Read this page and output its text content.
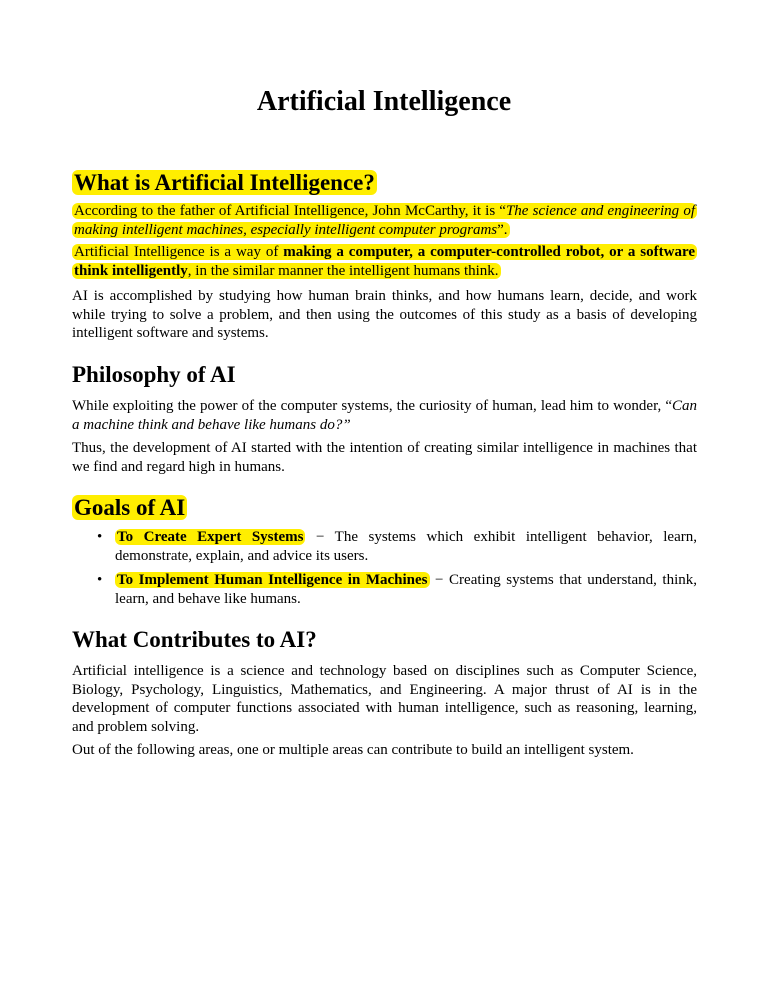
Artificial Intelligence
What is Artificial Intelligence?

According to the father of Artificial Intelligence, John McCarthy, it is “The science and engineering of making intelligent machines, especially intelligent computer programs”.

Artificial Intelligence is a way of making a computer, a computer-controlled robot, or a software think intelligently, in the similar manner the intelligent humans think.

AI is accomplished by studying how human brain thinks, and how humans learn, decide, and work while trying to solve a problem, and then using the outcomes of this study as a basis of developing intelligent software and systems.

Philosophy of AI

While exploiting the power of the computer systems, the curiosity of human, lead him to wonder, “Can a machine think and behave like humans do?”

Thus, the development of AI started with the intention of creating similar intelligence in machines that we find and regard high in humans.

Goals of AI
• To Create Expert Systems − The systems which exhibit intelligent behavior, learn, demonstrate, explain, and advice its users.
• To Implement Human Intelligence in Machines − Creating systems that understand, think, learn, and behave like humans.
What Contributes to AI?

Artificial intelligence is a science and technology based on disciplines such as Computer Science, Biology, Psychology, Linguistics, Mathematics, and Engineering. A major thrust of AI is in the development of computer functions associated with human intelligence, such as reasoning, learning, and problem solving.

Out of the following areas, one or multiple areas can contribute to build an intelligent system.
